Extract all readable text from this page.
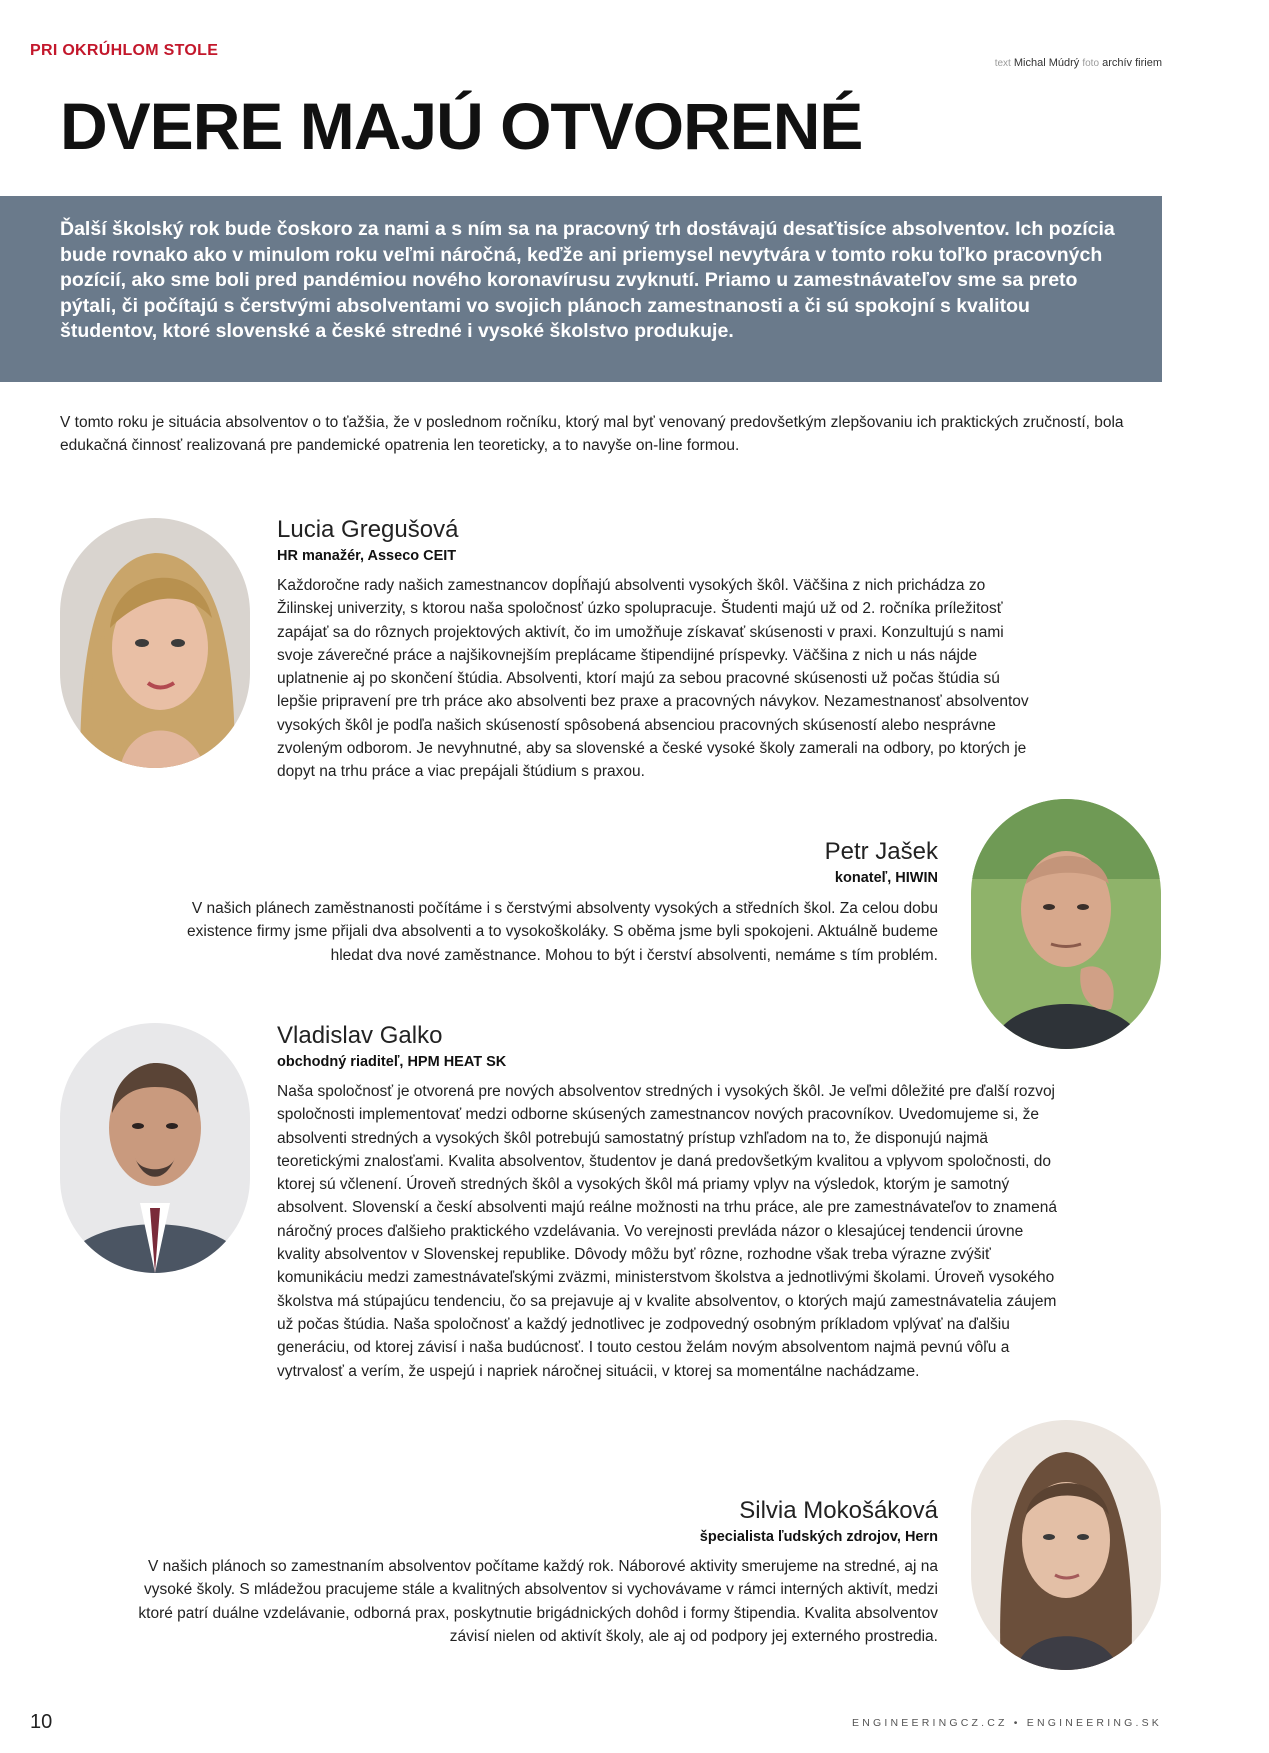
PRI OKRÚHLOM STOLE
text Michal Múdrý foto archív firiem
DVERE MAJÚ OTVORENÉ
Ďalší školský rok bude čoskoro za nami a s ním sa na pracovný trh dostávajú desaťtisíce absolventov. Ich pozícia bude rovnako ako v minulom roku veľmi náročná, keďže ani priemysel nevytvára v tomto roku toľko pracovných pozícií, ako sme boli pred pandémiou nového koronavírusu zvyknutí. Priamo u zamestnávateľov sme sa preto pýtali, či počítajú s čerstvými absolventami vo svojich plánoch zamestnanosti a či sú spokojní s kvalitou študentov, ktoré slovenské a české stredné i vysoké školstvo produkuje.
V tomto roku je situácia absolventov o to ťažšia, že v poslednom ročníku, ktorý mal byť venovaný predovšetkým zlepšovaniu ich praktických zručností, bola edukačná činnosť realizovaná pre pandemické opatrenia len teoreticky, a to navyše on-line formou.
Lucia Gregušová
HR manažér, Asseco CEIT
Každoročne rady našich zamestnancov dopĺňajú absolventi vysokých škôl. Väčšina z nich prichádza zo Žilinskej univerzity, s ktorou naša spoločnosť úzko spolupracuje. Študenti majú už od 2. ročníka príležitosť zapájať sa do rôznych projektových aktivít, čo im umožňuje získavať skúsenosti v praxi. Konzultujú s nami svoje záverečné práce a najšikovnejším preplácame štipendijné príspevky. Väčšina z nich u nás nájde uplatnenie aj po skončení štúdia. Absolventi, ktorí majú za sebou pracovné skúsenosti už počas štúdia sú lepšie pripravení pre trh práce ako absolventi bez praxe a pracovných návykov. Nezamestnanosť absolventov vysokých škôl je podľa našich skúseností spôsobená absenciou pracovných skúseností alebo nesprávne zvoleným odborom. Je nevyhnutné, aby sa slovenské a české vysoké školy zamerali na odbory, po ktorých je dopyt na trhu práce a viac prepájali štúdium s praxou.
Petr Jašek
konateľ, HIWIN
V našich plánech zaměstnanosti počítáme i s čerstvými absolventy vysokých a středních škol. Za celou dobu existence firmy jsme přijali dva absolventi a to vysokoškoláky. S oběma jsme byli spokojeni. Aktuálně budeme hledat dva nové zaměstnance. Mohou to být i čerství absolventi, nemáme s tím problém.
Vladislav Galko
obchodný riaditeľ, HPM HEAT SK
Naša spoločnosť je otvorená pre nových absolventov stredných i vysokých škôl. Je veľmi dôležité pre ďalší rozvoj spoločnosti implementovať medzi odborne skúsených zamestnancov nových pracovníkov. Uvedomujeme si, že absolventi stredných a vysokých škôl potrebujú samostatný prístup vzhľadom na to, že disponujú najmä teoretickými znalosťami. Kvalita absolventov, študentov je daná predovšetkým kvalitou a vplyvom spoločnosti, do ktorej sú včlenení. Úroveň stredných škôl a vysokých škôl má priamy vplyv na výsledok, ktorým je samotný absolvent. Slovenskí a českí absolventi majú reálne možnosti na trhu práce, ale pre zamestnávateľov to znamená náročný proces ďalšieho praktického vzdelávania. Vo verejnosti prevláda názor o klesajúcej tendencii úrovne kvality absolventov v Slovenskej republike. Dôvody môžu byť rôzne, rozhodne však treba výrazne zvýšiť komunikáciu medzi zamestnávateľskými zväzmi, ministerstvom školstva a jednotlivými školami. Úroveň vysokého školstva má stúpajúcu tendenciu, čo sa prejavuje aj v kvalite absolventov, o ktorých majú zamestnávatelia záujem už počas štúdia. Naša spoločnosť a každý jednotlivec je zodpovedný osobným príkladom vplývať na ďalšiu generáciu, od ktorej závisí i naša budúcnosť. I touto cestou želám novým absolventom najmä pevnú vôľu a vytrvalosť a verím, že uspejú i napriek náročnej situácii, v ktorej sa momentálne nachádzame.
Silvia Mokošáková
špecialista ľudských zdrojov, Hern
V našich plánoch so zamestnaním absolventov počítame každý rok. Náborové aktivity smerujeme na stredné, aj na vysoké školy. S mládežou pracujeme stále a kvalitných absolventov si vychovávame v rámci interných aktivít, medzi ktoré patrí duálne vzdelávanie, odborná prax, poskytnutie brigádnických dohôd i formy štipendia. Kvalita absolventov závisí nielen od aktivít školy, ale aj od podpory jej externého prostredia.
10	ENGINEERINGCZ.CZ • ENGINEERING.SK
